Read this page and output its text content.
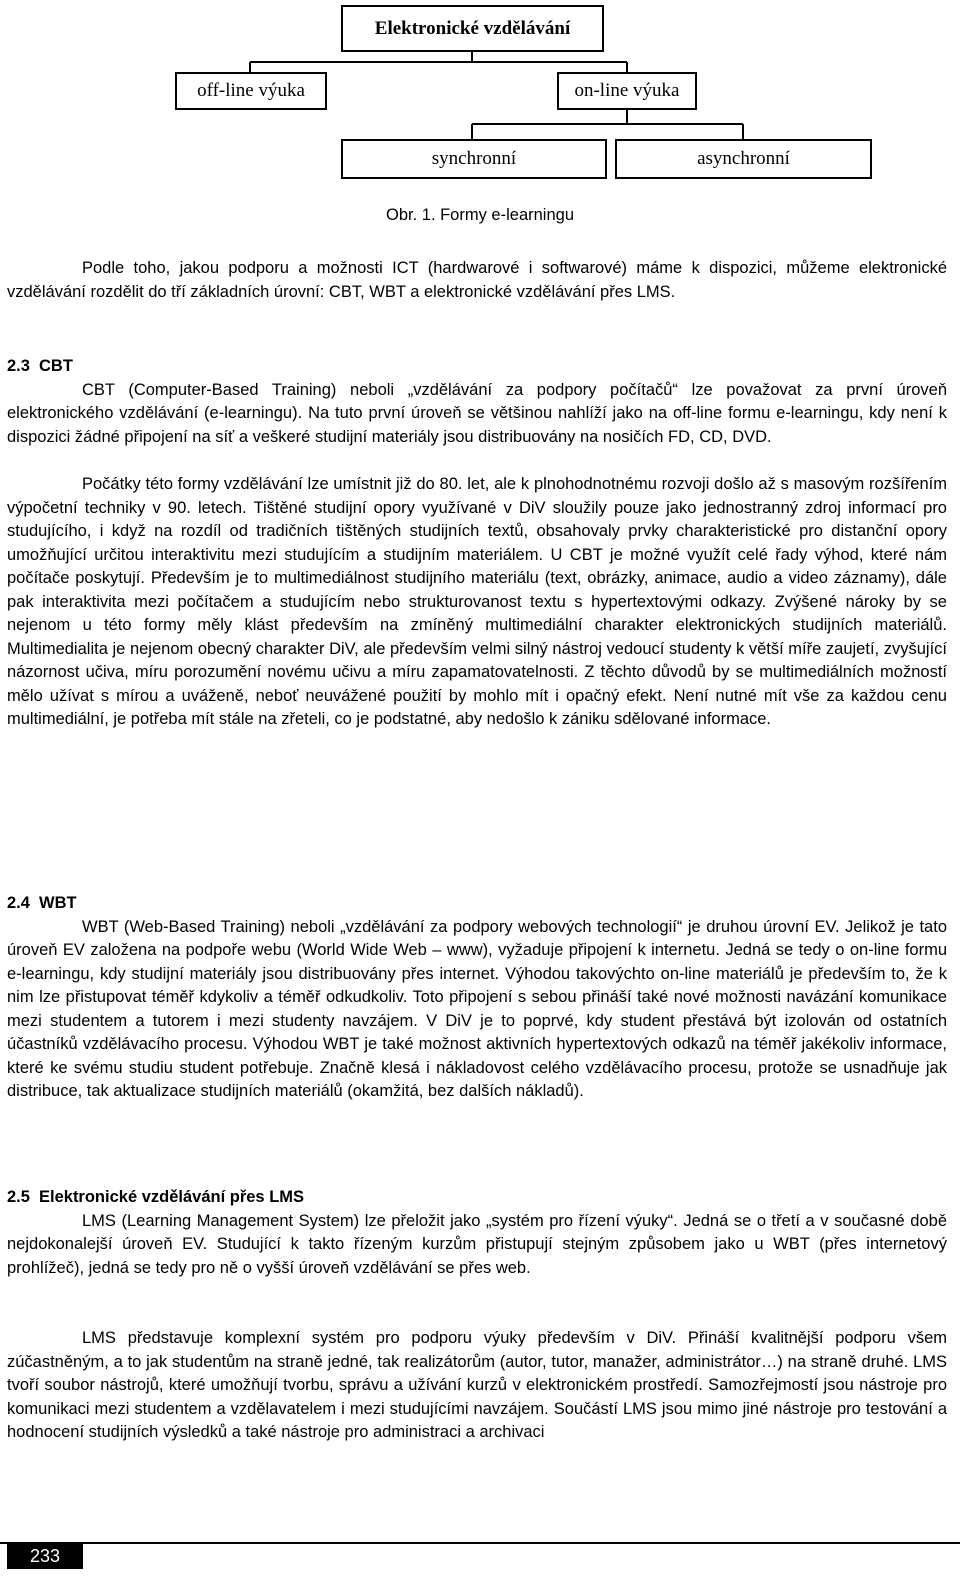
Elektronické vzdělávání
off-line výuka	on-line výuka
synchronní	asynchronní
Obr. 1. Formy e-learningu

Podle toho, jakou podporu a možnosti ICT (hardwarové i softwarové) máme k dispozici, můžeme elektronické vzdělávání rozdělit do tří základních úrovní: CBT, WBT a elektronické vzdělávání přes LMS.

2.3 CBT

CBT (Computer-Based Training) neboli „vzdělávání za podpory počítačů“ lze považovat za první úroveň elektronického vzdělávání (e-learningu). Na tuto první úroveň se většinou nahlíží jako na off-line formu e-learningu, kdy není k dispozici žádné připojení na síť a veškeré studijní materiály jsou distribuovány na nosičích FD, CD, DVD.

Počátky této formy vzdělávání lze umístnit již do 80. let, ale k plnohodnotnému rozvoji došlo až s masovým rozšířením výpočetní techniky v 90. letech. Tištěné studijní opory využívané v DiV sloužily pouze jako jednostranný zdroj informací pro studujícího, i když na rozdíl od tradičních tištěných studijních textů, obsahovaly prvky charakteristické pro distanční opory umožňující určitou interaktivitu mezi studujícím a studijním materiálem. U CBT je možné využít celé řady výhod, které nám počítače poskytují. Především je to multimediálnost studijního materiálu (text, obrázky, animace, audio a video záznamy), dále pak interaktivita mezi počítačem a studujícím nebo strukturovanost textu s hypertextovými odkazy. Zvýšené nároky by se nejenom u této formy měly klást především na zmíněný multimediální charakter elektronických studijních materiálů. Multimedialita je nejenom obecný charakter DiV, ale především velmi silný nástroj vedoucí studenty k větší míře zaujetí, zvyšující názornost učiva, míru porozumění novému učivu a míru zapamatovatelnosti. Z těchto důvodů by se multimediálních možností mělo užívat s mírou a uváženě, neboť neuvážené použití by mohlo mít i opačný efekt. Není nutné mít vše za každou cenu multimediální, je potřeba mít stále na zřeteli, co je podstatné, aby nedošlo k zániku sdělované informace.

2.4 WBT

WBT (Web-Based Training) neboli „vzdělávání za podpory webových technologií“ je druhou úrovní EV. Jelikož je tato úroveň EV založena na podpoře webu (World Wide Web – www), vyžaduje připojení k internetu. Jedná se tedy o on-line formu e-learningu, kdy studijní materiály jsou distribuovány přes internet. Výhodou takovýchto on-line materiálů je především to, že k nim lze přistupovat téměř kdykoliv a téměř odkudkoliv. Toto připojení s sebou přináší také nové možnosti navázání komunikace mezi studentem a tutorem i mezi studenty navzájem. V DiV je to poprvé, kdy student přestává být izolován od ostatních účastníků vzdělávacího procesu. Výhodou WBT je také možnost aktivních hypertextových odkazů na téměř jakékoliv informace, které ke svému studiu student potřebuje. Značně klesá i nákladovost celého vzdělávacího procesu, protože se usnadňuje jak distribuce, tak aktualizace studijních materiálů (okamžitá, bez dalších nákladů).

2.5 Elektronické vzdělávání přes LMS

LMS (Learning Management System) lze přeložit jako „systém pro řízení výuky“. Jedná se o třetí a v současné době nejdokonalejší úroveň EV. Studující k takto řízeným kurzům přistupují stejným způsobem jako u WBT (přes internetový prohlížeč), jedná se tedy pro ně o vyšší úroveň vzdělávání se přes web.

LMS představuje komplexní systém pro podporu výuky především v DiV. Přináší kvalitnější podporu všem zúčastněným, a to jak studentům na straně jedné, tak realizátorům (autor, tutor, manažer, administrátor…) na straně druhé. LMS tvoří soubor nástrojů, které umožňují tvorbu, správu a užívání kurzů v elektronickém prostředí. Samozřejmostí jsou nástroje pro komunikaci mezi studentem a vzdělavatelem i mezi studujícími navzájem. Součástí LMS jsou mimo jiné nástroje pro testování a hodnocení studijních výsledků a také nástroje pro administraci a archivaci

233
